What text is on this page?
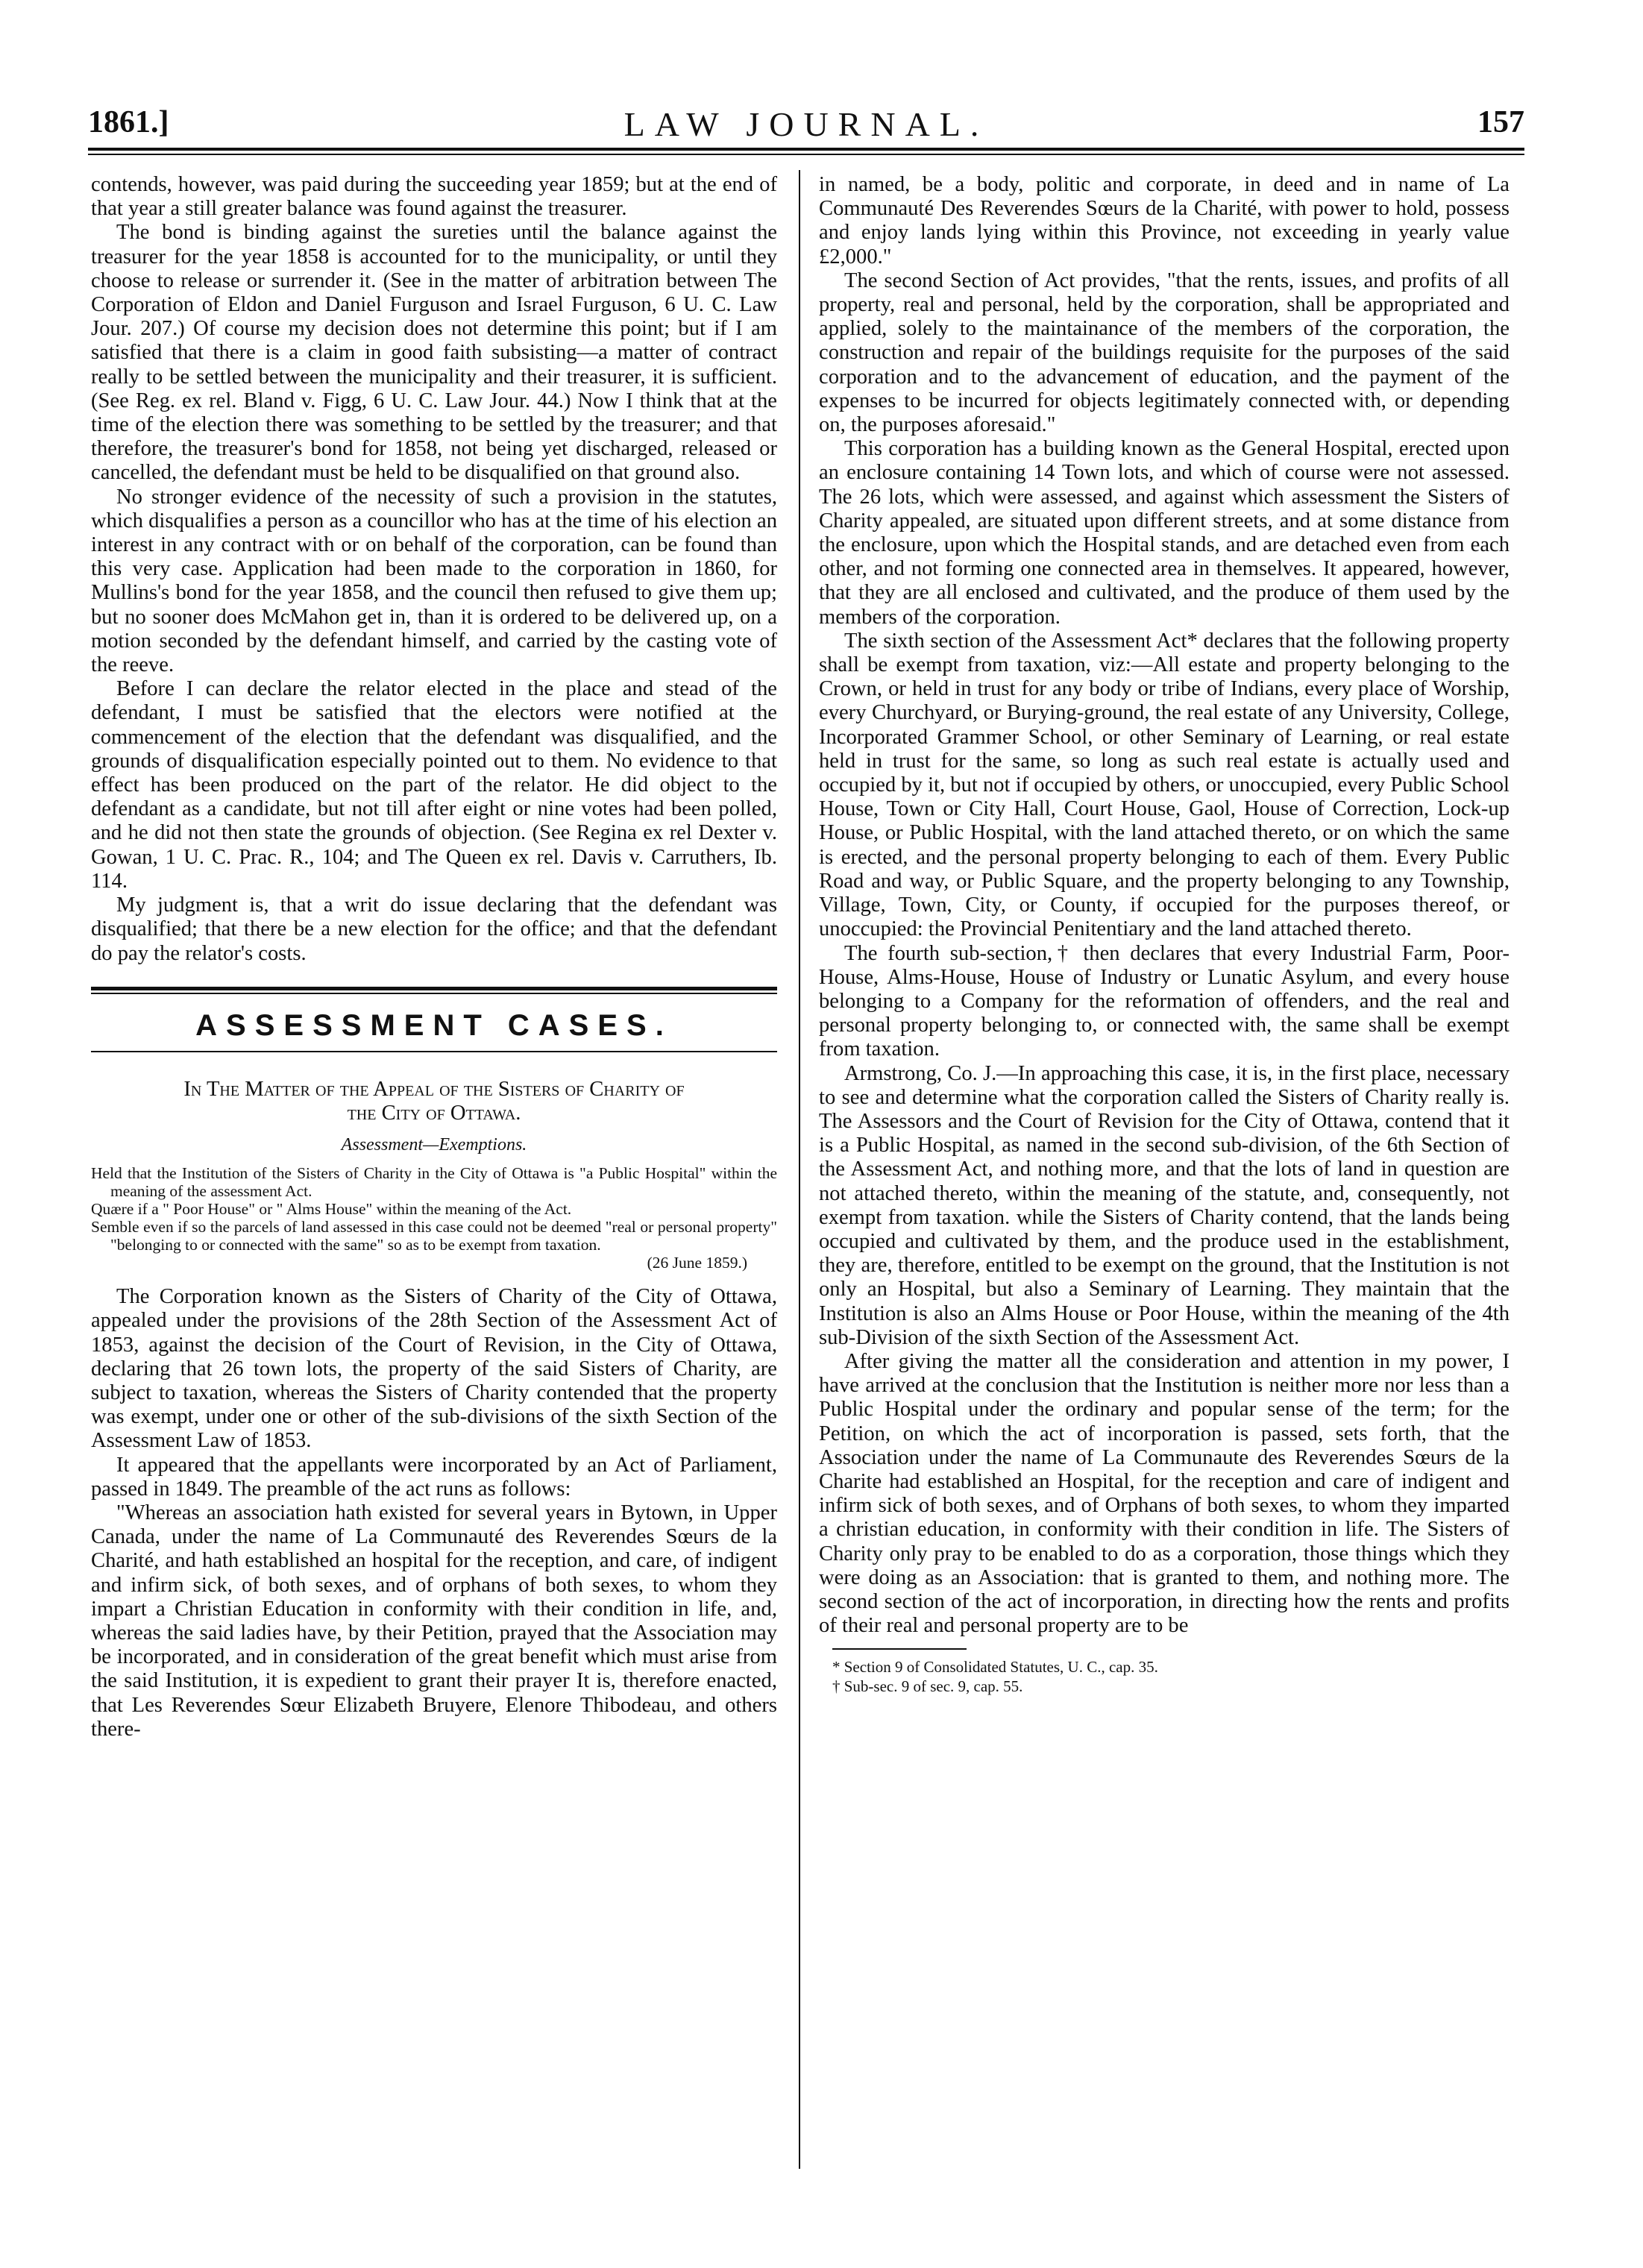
1861.]	LAW JOURNAL.	157

contends, however, was paid during the succeeding year 1859; but at the end of that year a still greater balance was found against the treasurer.

The bond is binding against the sureties until the balance against the treasurer for the year 1858 is accounted for to the municipality, or until they choose to release or surrender it. (See in the matter of arbitration between The Corporation of Eldon and Daniel Furguson and Israel Furguson, 6 U. C. Law Jour. 207.) Of course my decision does not determine this point; but if I am satisfied that there is a claim in good faith subsisting—a matter of contract really to be settled between the municipality and their treasurer, it is sufficient. (See Reg. ex rel. Bland v. Figg, 6 U. C. Law Jour. 44.) Now I think that at the time of the election there was something to be settled by the treasurer; and that therefore, the treasurer's bond for 1858, not being yet discharged, released or cancelled, the defendant must be held to be disqualified on that ground also.

No stronger evidence of the necessity of such a provision in the statutes, which disqualifies a person as a councillor who has at the time of his election an interest in any contract with or on behalf of the corporation, can be found than this very case. Application had been made to the corporation in 1860, for Mullins's bond for the year 1858, and the council then refused to give them up; but no sooner does McMahon get in, than it is ordered to be delivered up, on a motion seconded by the defendant himself, and carried by the casting vote of the reeve.

Before I can declare the relator elected in the place and stead of the defendant, I must be satisfied that the electors were notified at the commencement of the election that the defendant was disqualified, and the grounds of disqualification especially pointed out to them. No evidence to that effect has been produced on the part of the relator. He did object to the defendant as a candidate, but not till after eight or nine votes had been polled, and he did not then state the grounds of objection. (See Regina ex rel Dexter v. Gowan, 1 U. C. Prac. R., 104; and The Queen ex rel. Davis v. Carruthers, Ib. 114.

My judgment is, that a writ do issue declaring that the defendant was disqualified; that there be a new election for the office; and that the defendant do pay the relator's costs.

ASSESSMENT CASES.
In The Matter of the Appeal of the Sisters of Charity of
the City of Ottawa.
Assessment—Exemptions.

Held that the Institution of the Sisters of Charity in the City of Ottawa is "a Public Hospital" within the meaning of the assessment Act.

Quære if a " Poor House" or " Alms House" within the meaning of the Act.

Semble even if so the parcels of land assessed in this case could not be deemed "real or personal property" "belonging to or connected with the same" so as to be exempt from taxation.

(26 June 1859.)

The Corporation known as the Sisters of Charity of the City of Ottawa, appealed under the provisions of the 28th Section of the Assessment Act of 1853, against the decision of the Court of Revision, in the City of Ottawa, declaring that 26 town lots, the property of the said Sisters of Charity, are subject to taxation, whereas the Sisters of Charity contended that the property was exempt, under one or other of the sub-divisions of the sixth Section of the Assessment Law of 1853.

It appeared that the appellants were incorporated by an Act of Parliament, passed in 1849. The preamble of the act runs as follows:

"Whereas an association hath existed for several years in Bytown, in Upper Canada, under the name of La Communauté des Reverendes Sœurs de la Charité, and hath established an hospital for the reception, and care, of indigent and infirm sick, of both sexes, and of orphans of both sexes, to whom they impart a Christian Education in conformity with their condition in life, and, whereas the said ladies have, by their Petition, prayed that the Association may be incorporated, and in consideration of the great benefit which must arise from the said Institution, it is expedient to grant their prayer It is, therefore enacted, that Les Reverendes Sœur Elizabeth Bruyere, Elenore Thibodeau, and others there-

in named, be a body, politic and corporate, in deed and in name of La Communauté Des Reverendes Sœurs de la Charité, with power to hold, possess and enjoy lands lying within this Province, not exceeding in yearly value £2,000."

The second Section of Act provides, "that the rents, issues, and profits of all property, real and personal, held by the corporation, shall be appropriated and applied, solely to the maintainance of the members of the corporation, the construction and repair of the buildings requisite for the purposes of the said corporation and to the advancement of education, and the payment of the expenses to be incurred for objects legitimately connected with, or depending on, the purposes aforesaid."

This corporation has a building known as the General Hospital, erected upon an enclosure containing 14 Town lots, and which of course were not assessed. The 26 lots, which were assessed, and against which assessment the Sisters of Charity appealed, are situated upon different streets, and at some distance from the enclosure, upon which the Hospital stands, and are detached even from each other, and not forming one connected area in themselves. It appeared, however, that they are all enclosed and cultivated, and the produce of them used by the members of the corporation.

The sixth section of the Assessment Act* declares that the following property shall be exempt from taxation, viz:—All estate and property belonging to the Crown, or held in trust for any body or tribe of Indians, every place of Worship, every Churchyard, or Burying-ground, the real estate of any University, College, Incorporated Grammer School, or other Seminary of Learning, or real estate held in trust for the same, so long as such real estate is actually used and occupied by it, but not if occupied by others, or unoccupied, every Public School House, Town or City Hall, Court House, Gaol, House of Correction, Lock-up House, or Public Hospital, with the land attached thereto, or on which the same is erected, and the personal property belonging to each of them. Every Public Road and way, or Public Square, and the property belonging to any Township, Village, Town, City, or County, if occupied for the purposes thereof, or unoccupied: the Provincial Penitentiary and the land attached thereto.

The fourth sub-section,† then declares that every Industrial Farm, Poor-House, Alms-House, House of Industry or Lunatic Asylum, and every house belonging to a Company for the reformation of offenders, and the real and personal property belonging to, or connected with, the same shall be exempt from taxation.

Armstrong, Co. J.—In approaching this case, it is, in the first place, necessary to see and determine what the corporation called the Sisters of Charity really is. The Assessors and the Court of Revision for the City of Ottawa, contend that it is a Public Hospital, as named in the second sub-division, of the 6th Section of the Assessment Act, and nothing more, and that the lots of land in question are not attached thereto, within the meaning of the statute, and, consequently, not exempt from taxation. while the Sisters of Charity contend, that the lands being occupied and cultivated by them, and the produce used in the establishment, they are, therefore, entitled to be exempt on the ground, that the Institution is not only an Hospital, but also a Seminary of Learning. They maintain that the Institution is also an Alms House or Poor House, within the meaning of the 4th sub-Division of the sixth Section of the Assessment Act.

After giving the matter all the consideration and attention in my power, I have arrived at the conclusion that the Institution is neither more nor less than a Public Hospital under the ordinary and popular sense of the term; for the Petition, on which the act of incorporation is passed, sets forth, that the Association under the name of La Communaute des Reverendes Sœurs de la Charite had established an Hospital, for the reception and care of indigent and infirm sick of both sexes, and of Orphans of both sexes, to whom they imparted a christian education, in conformity with their condition in life. The Sisters of Charity only pray to be enabled to do as a corporation, those things which they were doing as an Association: that is granted to them, and nothing more. The second section of the act of incorporation, in directing how the rents and profits of their real and personal property are to be

* Section 9 of Consolidated Statutes, U. C., cap. 35.
† Sub-sec. 9 of sec. 9, cap. 55.
